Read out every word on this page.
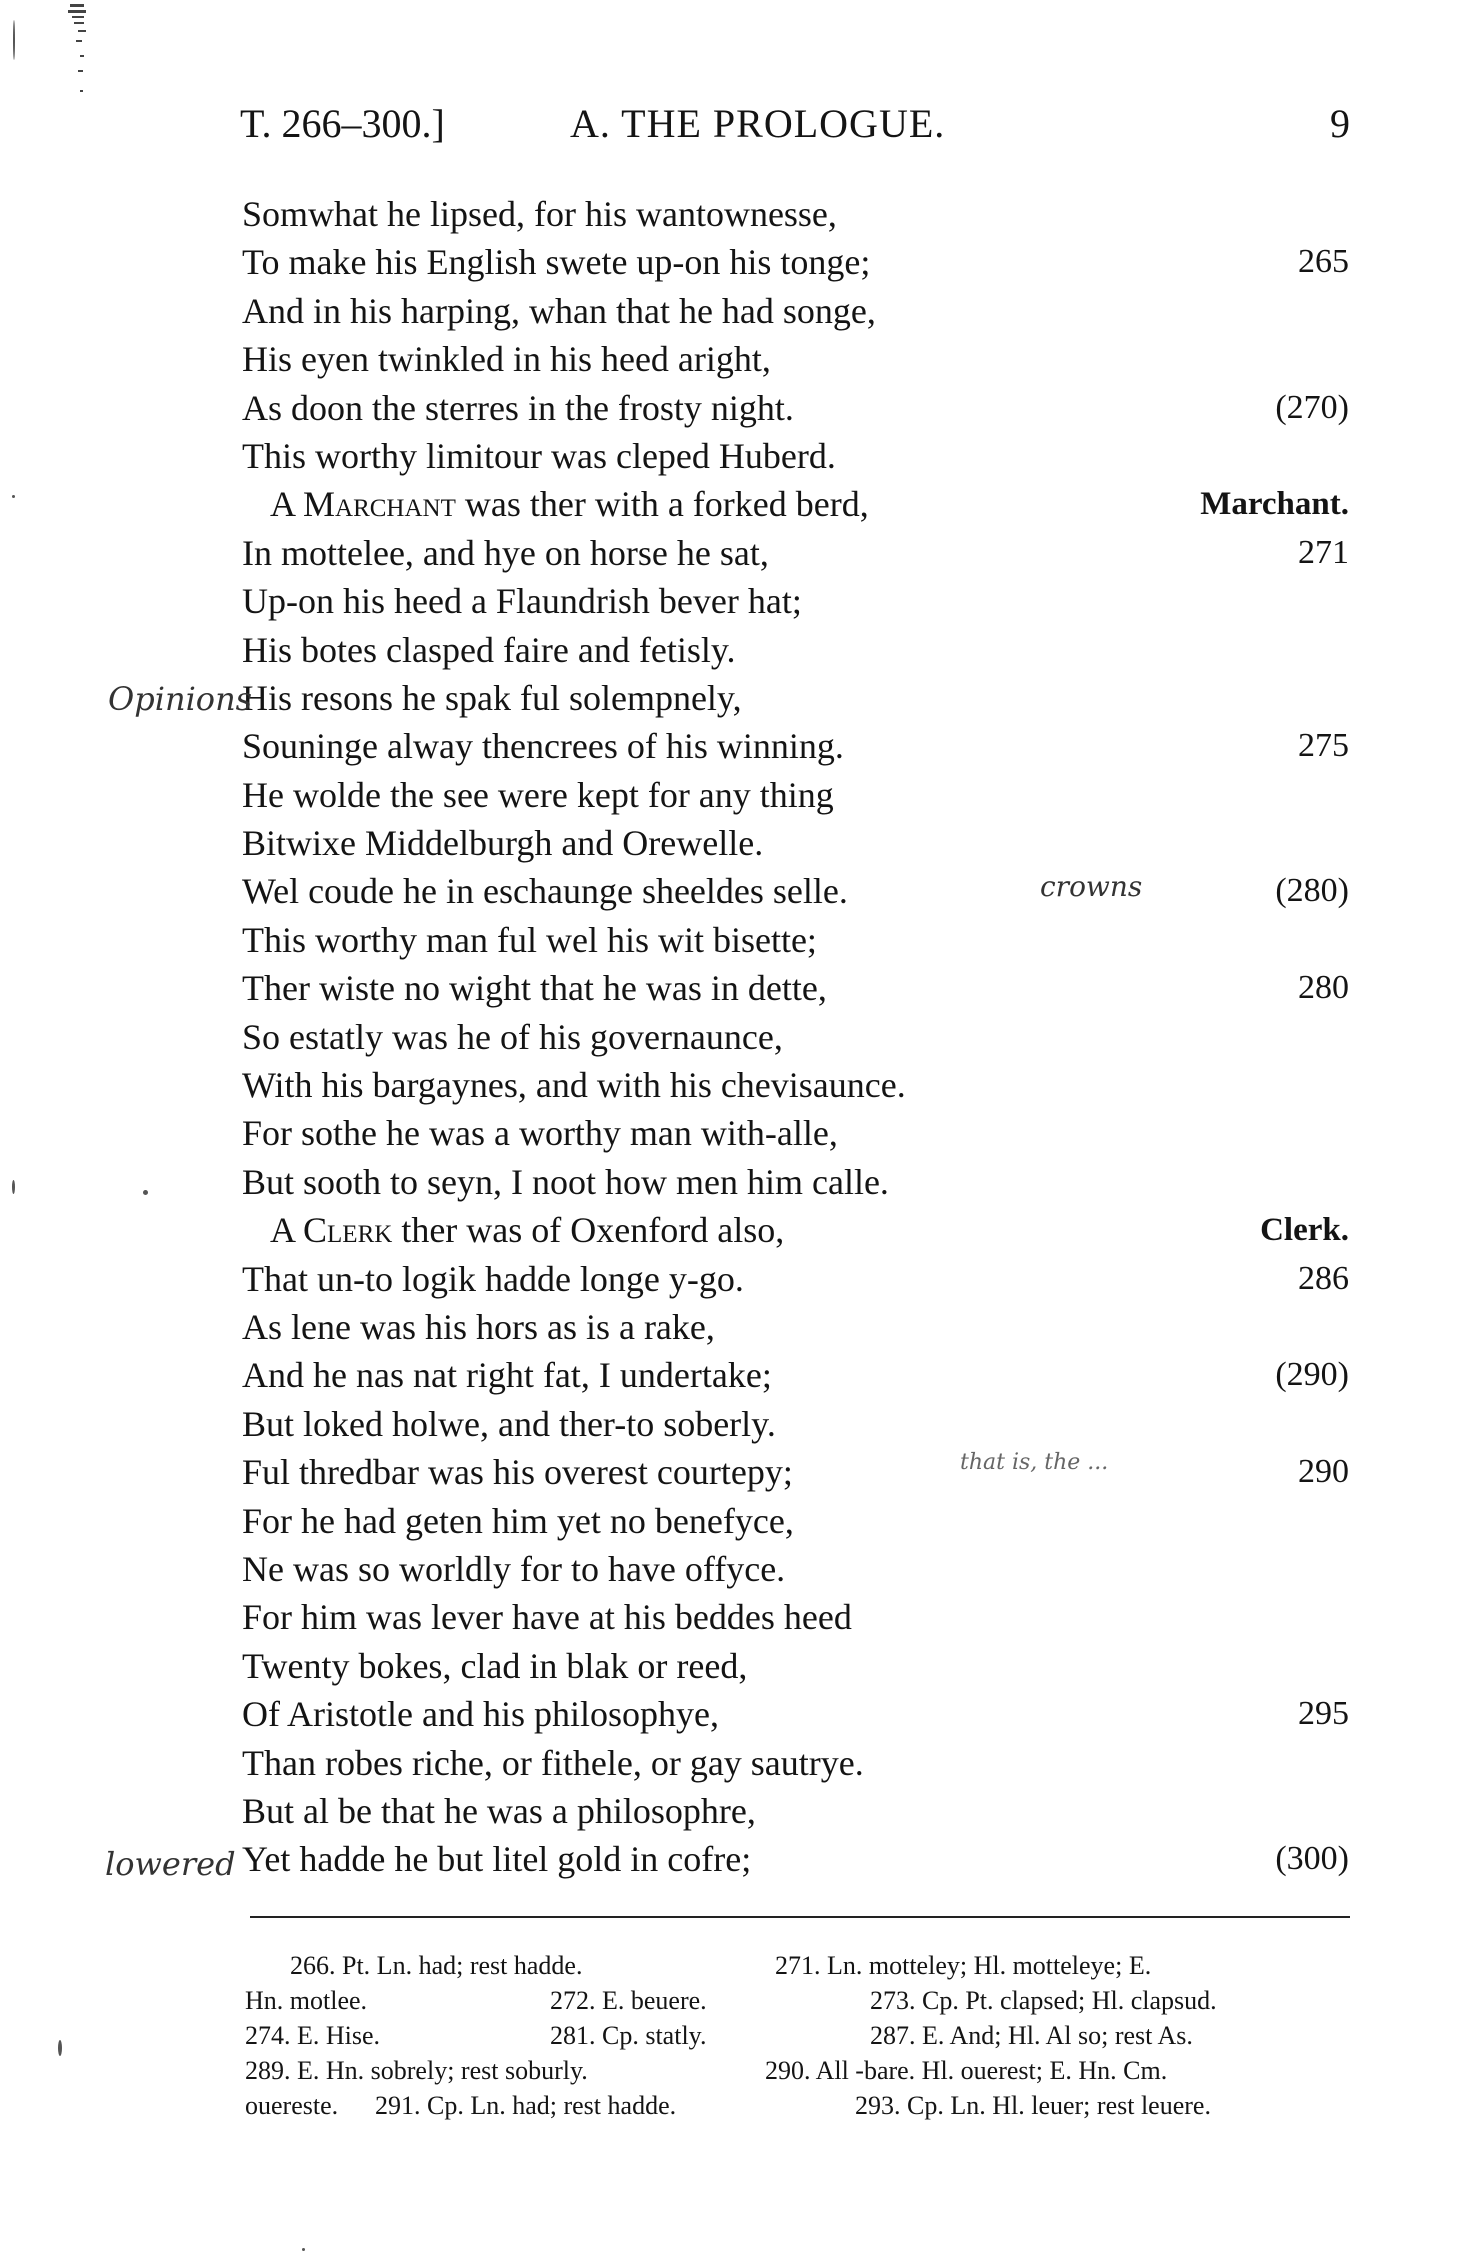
T. 266–300.]	A. THE PROLOGUE.	9
Somwhat he lipsed, for his wantownesse,
To make his English swete up-on his tonge;	265
And in his harping, whan that he had songe,
His eyen twinkled in his heed aright,
As doon the sterres in the frosty night.	(270)
This worthy limitour was cleped Huberd.
A Marchant was ther with a forked berd,	Marchant.
In mottelee, and hye on horse he sat,	271
Up-on his heed a Flaundrish bever hat;
His botes clasped faire and fetisly.
His resons he spak ful solempnely,
Souninge alway thencrees of his winning.	275
He wolde the see were kept for any thing
Bitwixe Middelburgh and Orewelle.
Wel coude he in eschaunge sheeldes selle.	(280)
This worthy man ful wel his wit bisette;
Ther wiste no wight that he was in dette,	280
So estatly was he of his governaunce,
With his bargaynes, and with his chevisaunce.
For sothe he was a worthy man with-alle,
But sooth to seyn, I noot how men him calle.
A Clerk ther was of Oxenford also,	Clerk.
That un-to logik hadde longe y-go.	286
As lene was his hors as is a rake,
And he nas nat right fat, I undertake;	(290)
But loked holwe, and ther-to soberly.
Ful thredbar was his overest courtepy;	290
For he had geten him yet no benefyce,
Ne was so worldly for to have offyce.
For him was lever have at his beddes heed
Twenty bokes, clad in blak or reed,
Of Aristotle and his philosophye,	295
Than robes riche, or fithele, or gay sautrye.
But al be that he was a philosophre,
Yet hadde he but litel gold in cofre;	(300)
Opinions
lowered
crowns
that is, the ...
266. Pt. Ln. had; rest hadde.	271. Ln. motteley; Hl. motteleye; E.
Hn. motlee.	272. E. beuere.	273. Cp. Pt. clapsed; Hl. clapsud.
274. E. Hise.	281. Cp. statly.	287. E. And; Hl. Al so; rest As.
289. E. Hn. sobrely; rest soburly.	290. All -bare. Hl. ouerest; E. Hn. Cm.
ouereste. 291. Cp. Ln. had; rest hadde.	293. Cp. Ln. Hl. leuer; rest leuere.
